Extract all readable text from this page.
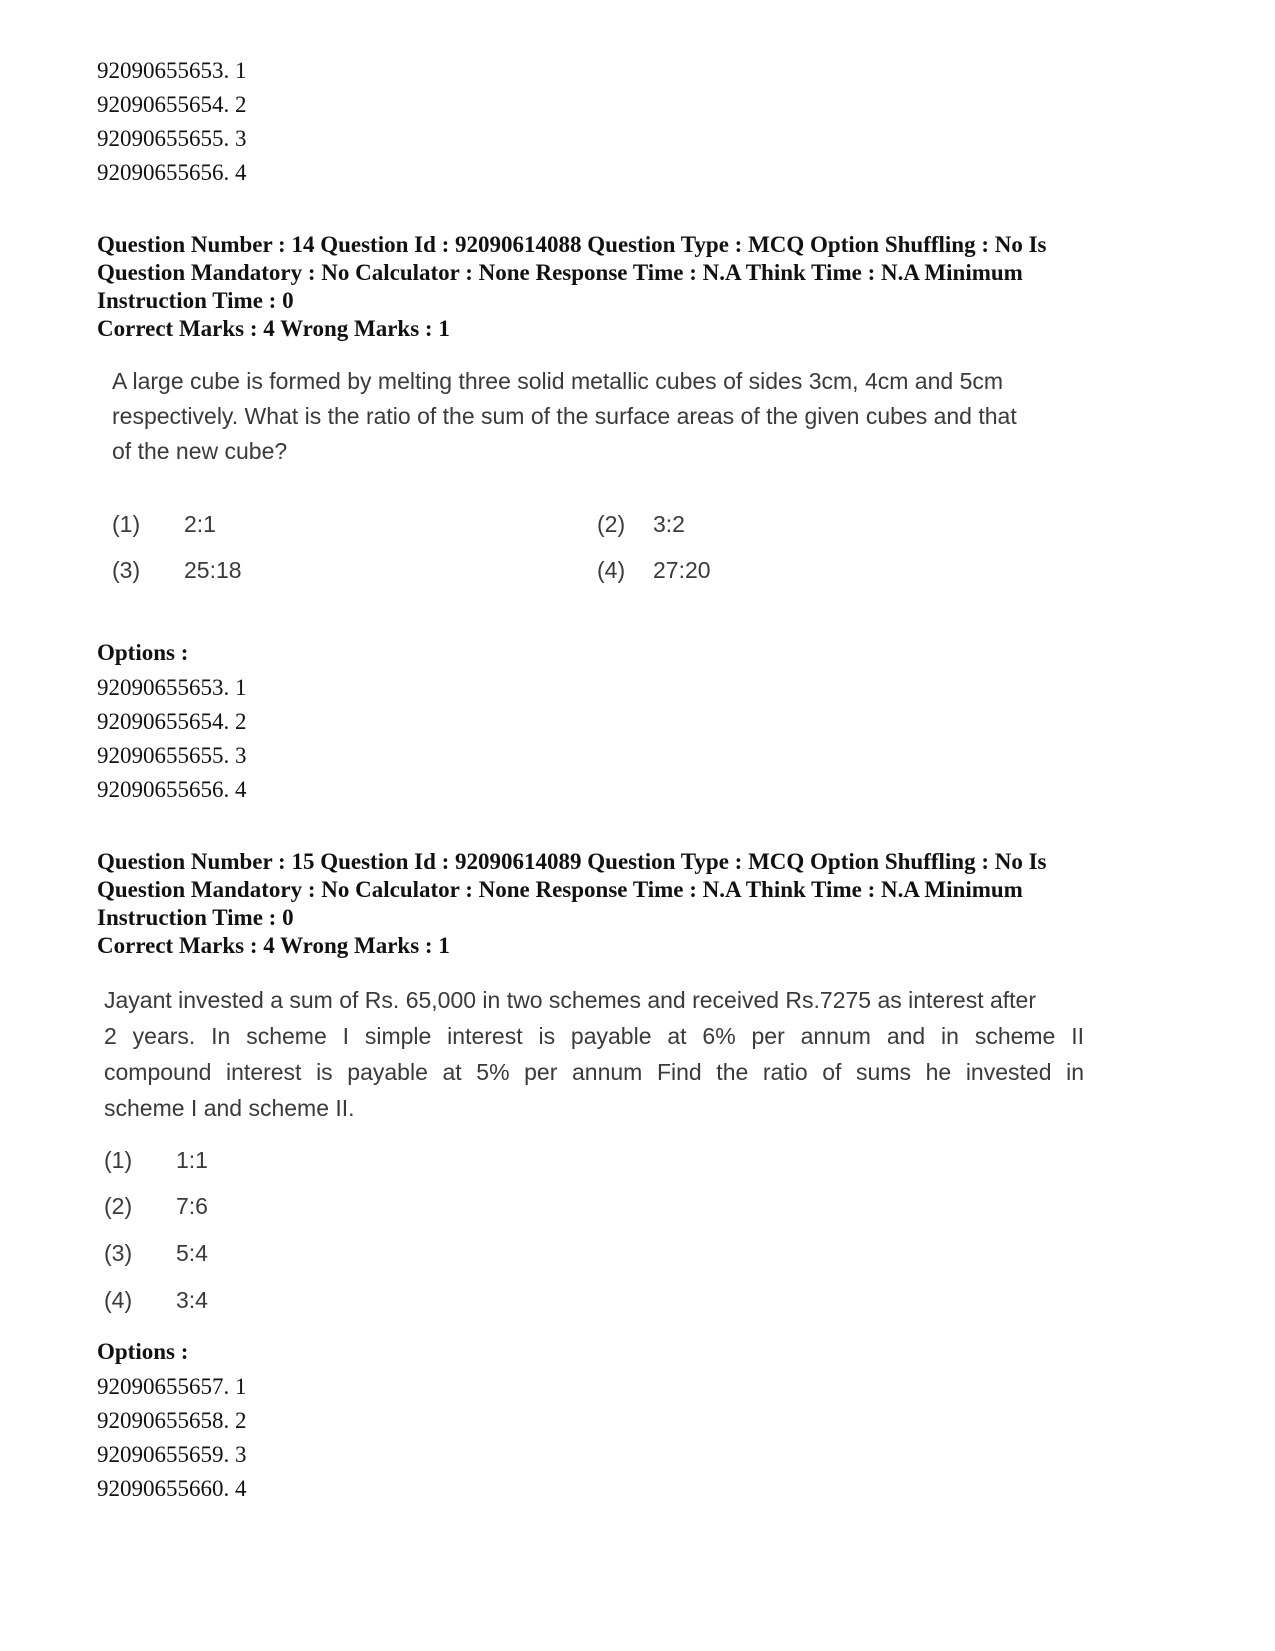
92090655653. 1
92090655654. 2
92090655655. 3
92090655656. 4
Question Number : 14 Question Id : 92090614088 Question Type : MCQ Option Shuffling : No Is
Question Mandatory : No Calculator : None Response Time : N.A Think Time : N.A Minimum
Instruction Time : 0
Correct Marks : 4 Wrong Marks : 1
A large cube is formed by melting three solid metallic cubes of sides 3cm, 4cm and 5cm
respectively. What is the ratio of the sum of the surface areas of the given cubes and that
of the new cube?
(1) 2:1	(2) 3:2
(3) 25:18	(4) 27:20
Options :
92090655653. 1
92090655654. 2
92090655655. 3
92090655656. 4
Question Number : 15 Question Id : 92090614089 Question Type : MCQ Option Shuffling : No Is
Question Mandatory : No Calculator : None Response Time : N.A Think Time : N.A Minimum
Instruction Time : 0
Correct Marks : 4 Wrong Marks : 1
Jayant invested a sum of Rs. 65,000 in two schemes and received Rs.7275 as interest after
2 years. In scheme I simple interest is payable at 6% per annum and in scheme II
compound interest is payable at 5% per annum Find the ratio of sums he invested in
scheme I and scheme II.
(1) 1:1
(2) 7:6
(3) 5:4
(4) 3:4
Options :
92090655657. 1
92090655658. 2
92090655659. 3
92090655660. 4
